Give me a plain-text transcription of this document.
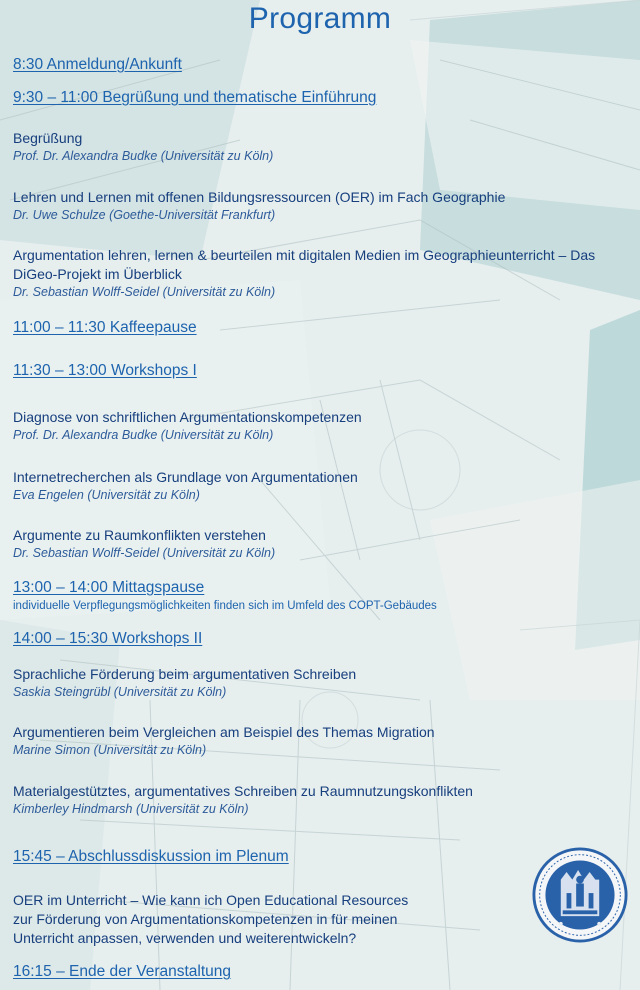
Programm
8:30 Anmeldung/Ankunft
9:30 – 11:00 Begrüßung und thematische Einführung
Begrüßung
Prof. Dr. Alexandra Budke (Universität zu Köln)
Lehren und Lernen mit offenen Bildungsressourcen (OER) im Fach Geographie
Dr. Uwe Schulze (Goethe-Universität Frankfurt)
Argumentation lehren, lernen & beurteilen mit digitalen Medien im Geographieunterricht – Das DiGeo-Projekt im Überblick
Dr. Sebastian Wolff-Seidel (Universität zu Köln)
11:00 – 11:30 Kaffeepause
11:30 – 13:00 Workshops I
Diagnose von schriftlichen Argumentationskompetenzen
Prof. Dr. Alexandra Budke (Universität zu Köln)
Internetrecherchen als Grundlage von Argumentationen
Eva Engelen (Universität zu Köln)
Argumente zu Raumkonflikten verstehen
Dr. Sebastian Wolff-Seidel (Universität zu Köln)
13:00 – 14:00 Mittagspause
individuelle Verpflegungsmöglichkeiten finden sich im Umfeld des COPT-Gebäudes
14:00 – 15:30 Workshops II
Sprachliche Förderung beim argumentativen Schreiben
Saskia Steingrübl (Universität zu Köln)
Argumentieren beim Vergleichen am Beispiel des Themas Migration
Marine Simon (Universität zu Köln)
Materialgestütztes, argumentatives Schreiben zu Raumnutzungskonflikten
Kimberley Hindmarsh (Universität zu Köln)
15:45 – Abschlussdiskussion im Plenum
OER im Unterricht – Wie kann ich Open Educational Resources
zur Förderung von Argumentationskompetenzen in für meinen
Unterricht anpassen, verwenden und weiterentwickeln?
16:15 – Ende der Veranstaltung
